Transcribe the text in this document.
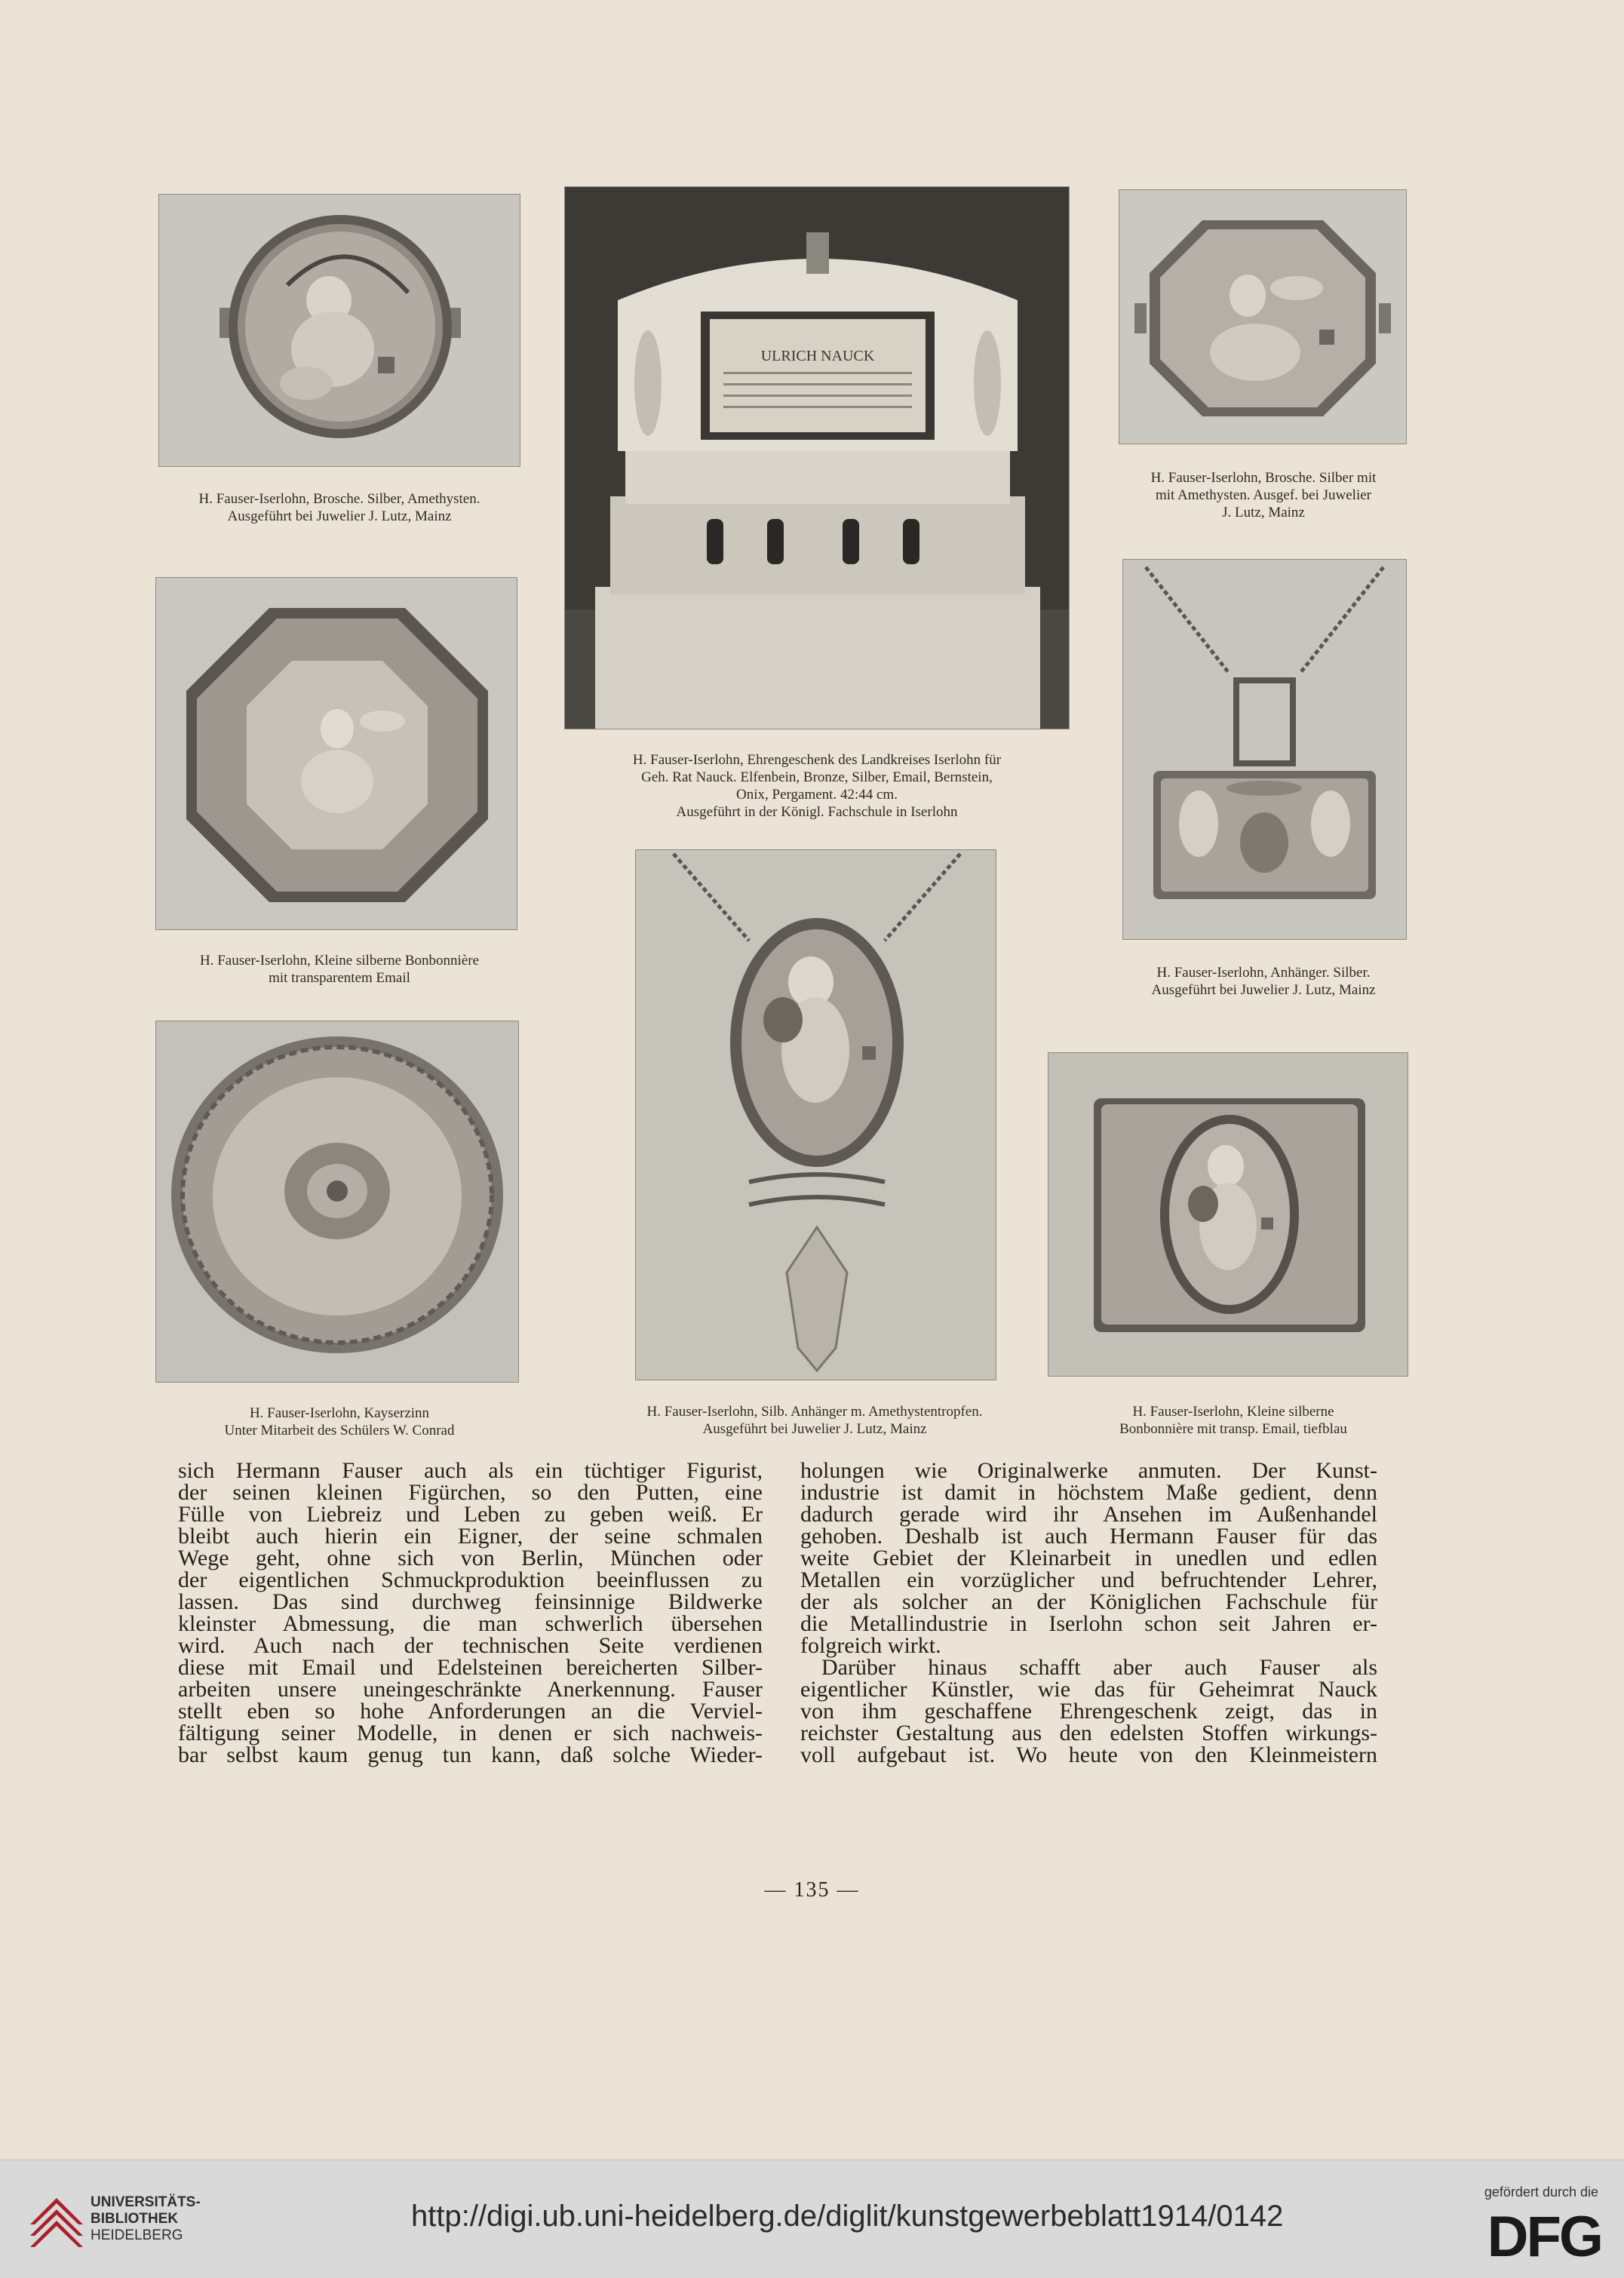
H. Fauser-Iserlohn, Brosche. Silber, Amethysten.
Ausgeführt bei Juwelier J. Lutz, Mainz
ULRICH NAUCK
H. Fauser-Iserlohn, Ehrengeschenk des Landkreises Iserlohn für
Geh. Rat Nauck. Elfenbein, Bronze, Silber, Email, Bernstein,
Onix, Pergament. 42:44 cm.
Ausgeführt in der Königl. Fachschule in Iserlohn
H. Fauser-Iserlohn, Brosche. Silber mit
mit Amethysten. Ausgef. bei Juwelier
J. Lutz, Mainz
H. Fauser-Iserlohn, Kleine silberne Bonbonnière
mit transparentem Email	H. Fauser-Iserlohn, Anhänger. Silber.
Ausgeführt bei Juwelier J. Lutz, Mainz
H. Fauser-Iserlohn, Kayserzinn
Unter Mitarbeit des Schülers W. Conrad
H. Fauser-Iserlohn, Silb. Anhänger m. Amethystentropfen.
Ausgeführt bei Juwelier J. Lutz, Mainz
H. Fauser-Iserlohn, Kleine silberne
Bonbonnière mit transp. Email, tiefblau
sich Hermann Fauser auch als ein tüchtiger Figurist,
der seinen kleinen Figürchen, so den Putten, eine
Fülle von Liebreiz und Leben zu geben weiß. Er
bleibt auch hierin ein Eigner, der seine schmalen
Wege geht, ohne sich von Berlin, München oder
der eigentlichen Schmuckproduktion beeinflussen zu
lassen. Das sind durchweg feinsinnige Bildwerke
kleinster Abmessung, die man schwerlich übersehen
wird. Auch nach der technischen Seite verdienen
diese mit Email und Edelsteinen bereicherten Silber-
arbeiten unsere uneingeschränkte Anerkennung. Fauser
stellt eben so hohe Anforderungen an die Verviel-
fältigung seiner Modelle, in denen er sich nachweis-
bar selbst kaum genug tun kann, daß solche Wieder-
holungen wie Originalwerke anmuten. Der Kunst-
industrie ist damit in höchstem Maße gedient, denn
dadurch gerade wird ihr Ansehen im Außenhandel
gehoben. Deshalb ist auch Hermann Fauser für das
weite Gebiet der Kleinarbeit in unedlen und edlen
Metallen ein vorzüglicher und befruchtender Lehrer,
der als solcher an der Königlichen Fachschule für
die Metallindustrie in Iserlohn schon seit Jahren er-
folgreich wirkt.
Darüber hinaus schafft aber auch Fauser als
eigentlicher Künstler, wie das für Geheimrat Nauck
von ihm geschaffene Ehrengeschenk zeigt, das in
reichster Gestaltung aus den edelsten Stoffen wirkungs-
voll aufgebaut ist. Wo heute von den Kleinmeistern
— 135 —
UNIVERSITÄTS-
BIBLIOTHEK
HEIDELBERG
http://digi.ub.uni-heidelberg.de/diglit/kunstgewerbeblatt1914/0142
gefördert durch die
DFG
